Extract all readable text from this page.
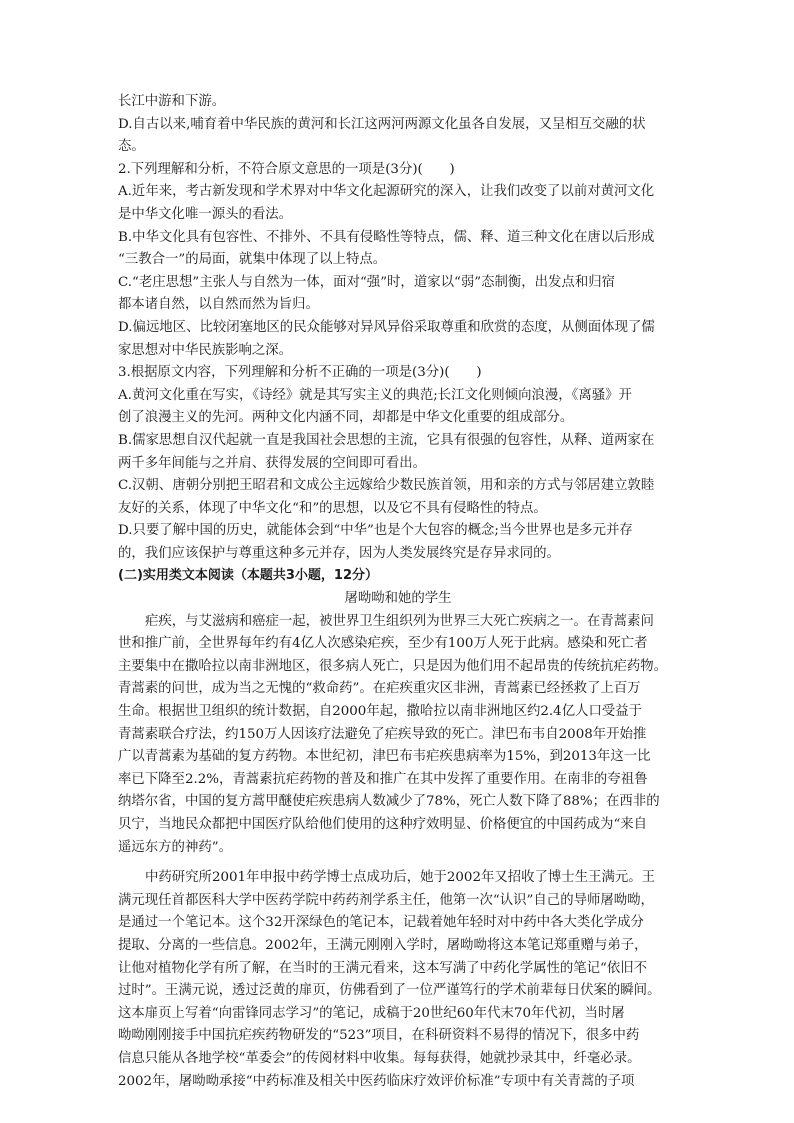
长江中游和下游。

D.自古以来,哺育着中华民族的黄河和长江这两河两源文化虽各自发展，又呈相互交融的状

态。

2.下列理解和分析，不符合原文意思的一项是(3分)(　　)

A.近年来，考古新发现和学术界对中华文化起源研究的深入，让我们改变了以前对黄河文化

是中华文化唯一源头的看法。

B.中华文化具有包容性、不排外、不具有侵略性等特点，儒、释、道三种文化在唐以后形成

“三教合一”的局面，就集中体现了以上特点。

C.“老庄思想”主张人与自然为一体，面对“强”时，道家以“弱”态制衡，出发点和归宿

都本诸自然，以自然而然为旨归。

D.偏远地区、比较闭塞地区的民众能够对异风异俗采取尊重和欣赏的态度，从侧面体现了儒

家思想对中华民族影响之深。

3.根据原文内容，下列理解和分析不正确的一项是(3分)(　　)

A.黄河文化重在写实，《诗经》就是其写实主义的典范;长江文化则倾向浪漫，《离骚》开

创了浪漫主义的先河。两种文化内涵不同，却都是中华文化重要的组成部分。

B.儒家思想自汉代起就一直是我国社会思想的主流，它具有很强的包容性，从释、道两家在

两千多年间能与之并肩、获得发展的空间即可看出。

C.汉朝、唐朝分别把王昭君和文成公主远嫁给少数民族首领，用和亲的方式与邻居建立敦睦

友好的关系，体现了中华文化“和”的思想，以及它不具有侵略性的特点。

D.只要了解中国的历史，就能体会到“中华”也是个大包容的概念;当今世界也是多元并存

的，我们应该保护与尊重这种多元并存，因为人类发展终究是存异求同的。

(二)实用类文本阅读（本题共3小题，12分）

屠呦呦和她的学生

疟疾，与艾滋病和癌症一起，被世界卫生组织列为世界三大死亡疾病之一。在青蒿素问

世和推广前，全世界每年约有4亿人次感染疟疾，至少有100万人死于此病。感染和死亡者

主要集中在撒哈拉以南非洲地区，很多病人死亡，只是因为他们用不起昂贵的传统抗疟药物。

青蒿素的问世，成为当之无愧的“救命药”。在疟疾重灾区非洲，青蒿素已经拯救了上百万

生命。根据世卫组织的统计数据，自2000年起，撒哈拉以南非洲地区约2.4亿人口受益于

青蒿素联合疗法，约150万人因该疗法避免了疟疾导致的死亡。津巴布韦自2008年开始推

广以青蒿素为基础的复方药物。本世纪初，津巴布韦疟疾患病率为15%，到2013年这一比

率已下降至2.2%，青蒿素抗疟药物的普及和推广在其中发挥了重要作用。在南非的夸祖鲁

纳塔尔省，中国的复方蒿甲醚使疟疾患病人数减少了78%，死亡人数下降了88%；在西非的

贝宁，当地民众都把中国医疗队给他们使用的这种疗效明显、价格便宜的中国药成为“来自

遥远东方的神药”。

中药研究所2001年申报中药学博士点成功后，她于2002年又招收了博士生王满元。王

满元现任首都医科大学中医药学院中药药剂学系主任，他第一次“认识”自己的导师屠呦呦，

是通过一个笔记本。这个32开深绿色的笔记本，记载着她年轻时对中药中各大类化学成分

提取、分离的一些信息。2002年，王满元刚刚入学时，屠呦呦将这本笔记郑重赠与弟子，

让他对植物化学有所了解，在当时的王满元看来，这本写满了中药化学属性的笔记“依旧不

过时”。王满元说，透过泛黄的扉页，仿佛看到了一位严谨笃行的学术前辈每日伏案的瞬间。

这本扉页上写着“向雷锋同志学习”的笔记，成稿于20世纪60年代末70年代初，当时屠

呦呦刚刚接手中国抗疟疾药物研发的“523”项目，在科研资料不易得的情况下，很多中药

信息只能从各地学校“革委会”的传阅材料中收集。每每获得，她就抄录其中，纤毫必录。

2002年，屠呦呦承接“中药标准及相关中医药临床疗效评价标准”专项中有关青蒿的子项
